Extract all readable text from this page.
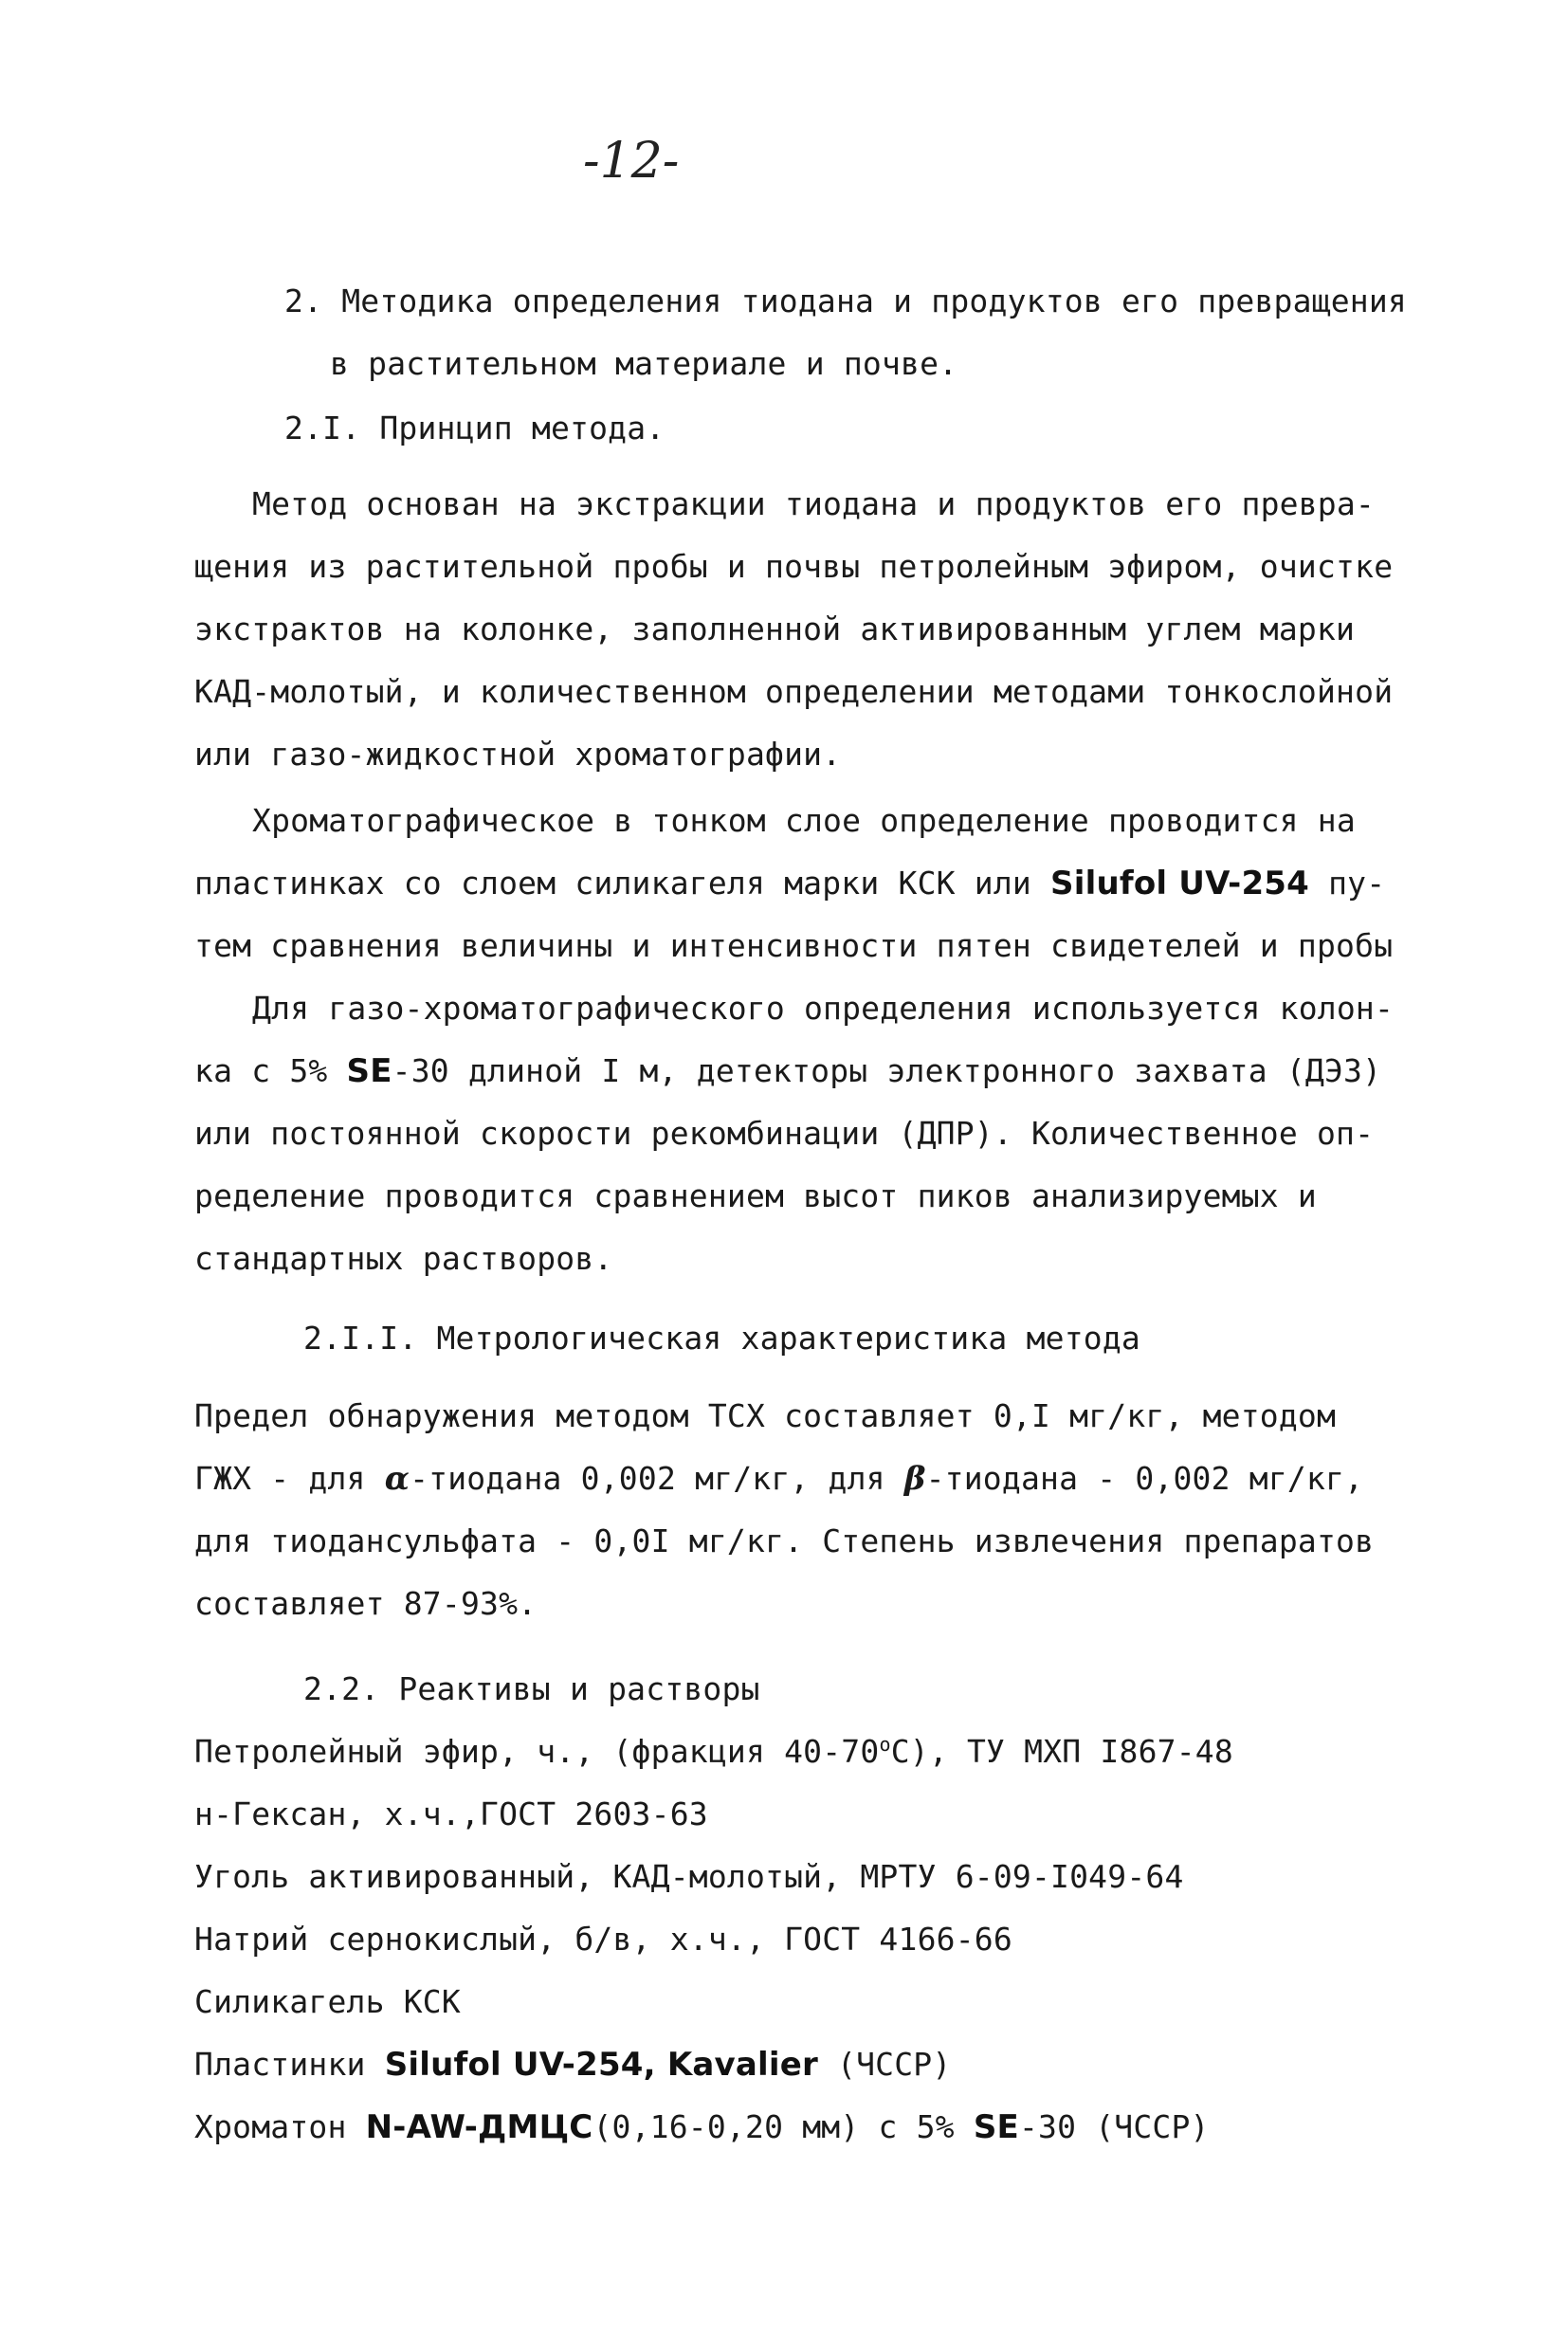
-12-
2. Методика определения тиодана и продуктов его превращения
в растительном материале и почве.
2.I. Принцип метода.
Метод основан на экстракции тиодана и продуктов его превра-
щения из растительной пробы и почвы петролейным эфиром, очистке
экстрактов на колонке, заполненной активированным углем марки
КАД-молотый, и количественном определении методами тонкослойной
или газо-жидкостной хроматографии.
Хроматографическое в тонком слое определение проводится на
пластинках со слоем силикагеля марки КСК или Silufol UV-254 пу-
тем сравнения величины и интенсивности пятен свидетелей и пробы
Для газо-хроматографического определения используется колон-
ка с 5% SE-30 длиной I м, детекторы электронного захвата (ДЭЗ)
или постоянной скорости рекомбинации (ДПР). Количественное оп-
ределение проводится сравнением высот пиков анализируемых и
стандартных растворов.
2.I.I. Метрологическая характеристика метода
Предел обнаружения методом ТСХ составляет 0,I мг/кг, методом
ГЖХ - для α-тиодана 0,002 мг/кг, для β-тиодана - 0,002 мг/кг,
для тиодансульфата - 0,0I мг/кг. Степень извлечения препаратов
составляет 87-93%.
2.2. Реактивы и растворы
Петролейный эфир, ч., (фракция $40-70^оС$), ТУ МХП I867-48
н-Гексан, х.ч.,ГОСТ 2603-63
Уголь активированный, КАД-молотый, МРТУ 6-09-I049-64
Натрий сернокислый, б/в, х.ч., ГОСТ 4166-66
Силикагель КСК
Пластинки Silufol UV-254, Kavalier (ЧССР)
Хроматон N-AW-ДМЦС(0,16-0,20 мм) с 5% SE-30 (ЧССР)
